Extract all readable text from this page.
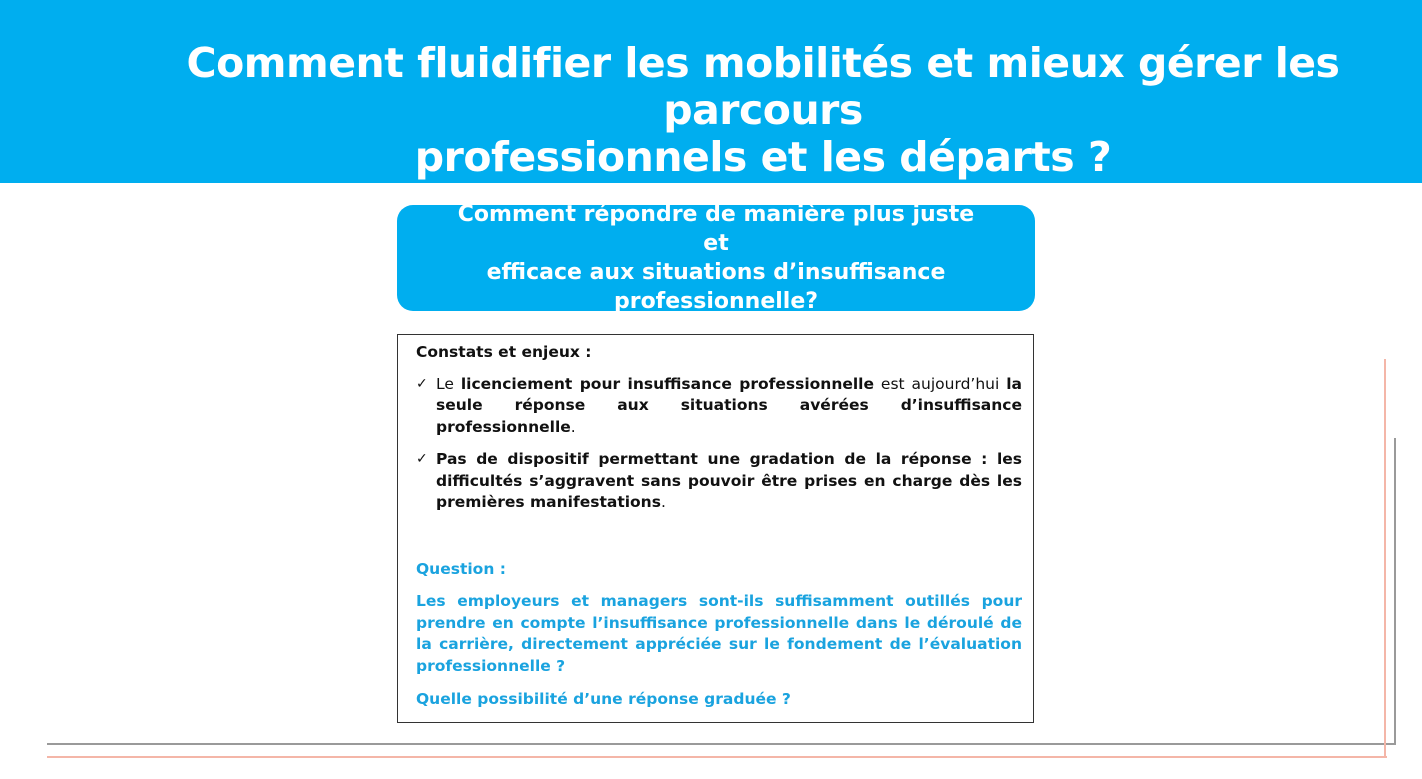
Comment fluidifier les mobilités et mieux gérer les parcours
professionnels et les départs ?

Comment répondre de manière plus juste et
efficace aux situations d’insuffisance
professionnelle?

Constats et enjeux :

✓ Le licenciement pour insuffisance professionnelle est aujourd’hui la seule réponse aux situations avérées d’insuffisance professionnelle.

✓ Pas de dispositif permettant une gradation de la réponse : les difficultés s’aggravent sans pouvoir être prises en charge dès les premières manifestations.

Question :

Les employeurs et managers sont-ils suffisamment outillés pour prendre en compte l’insuffisance professionnelle dans le déroulé de la carrière, directement appréciée sur le fondement de l’évaluation professionnelle ?

Quelle possibilité d’une réponse graduée ?
